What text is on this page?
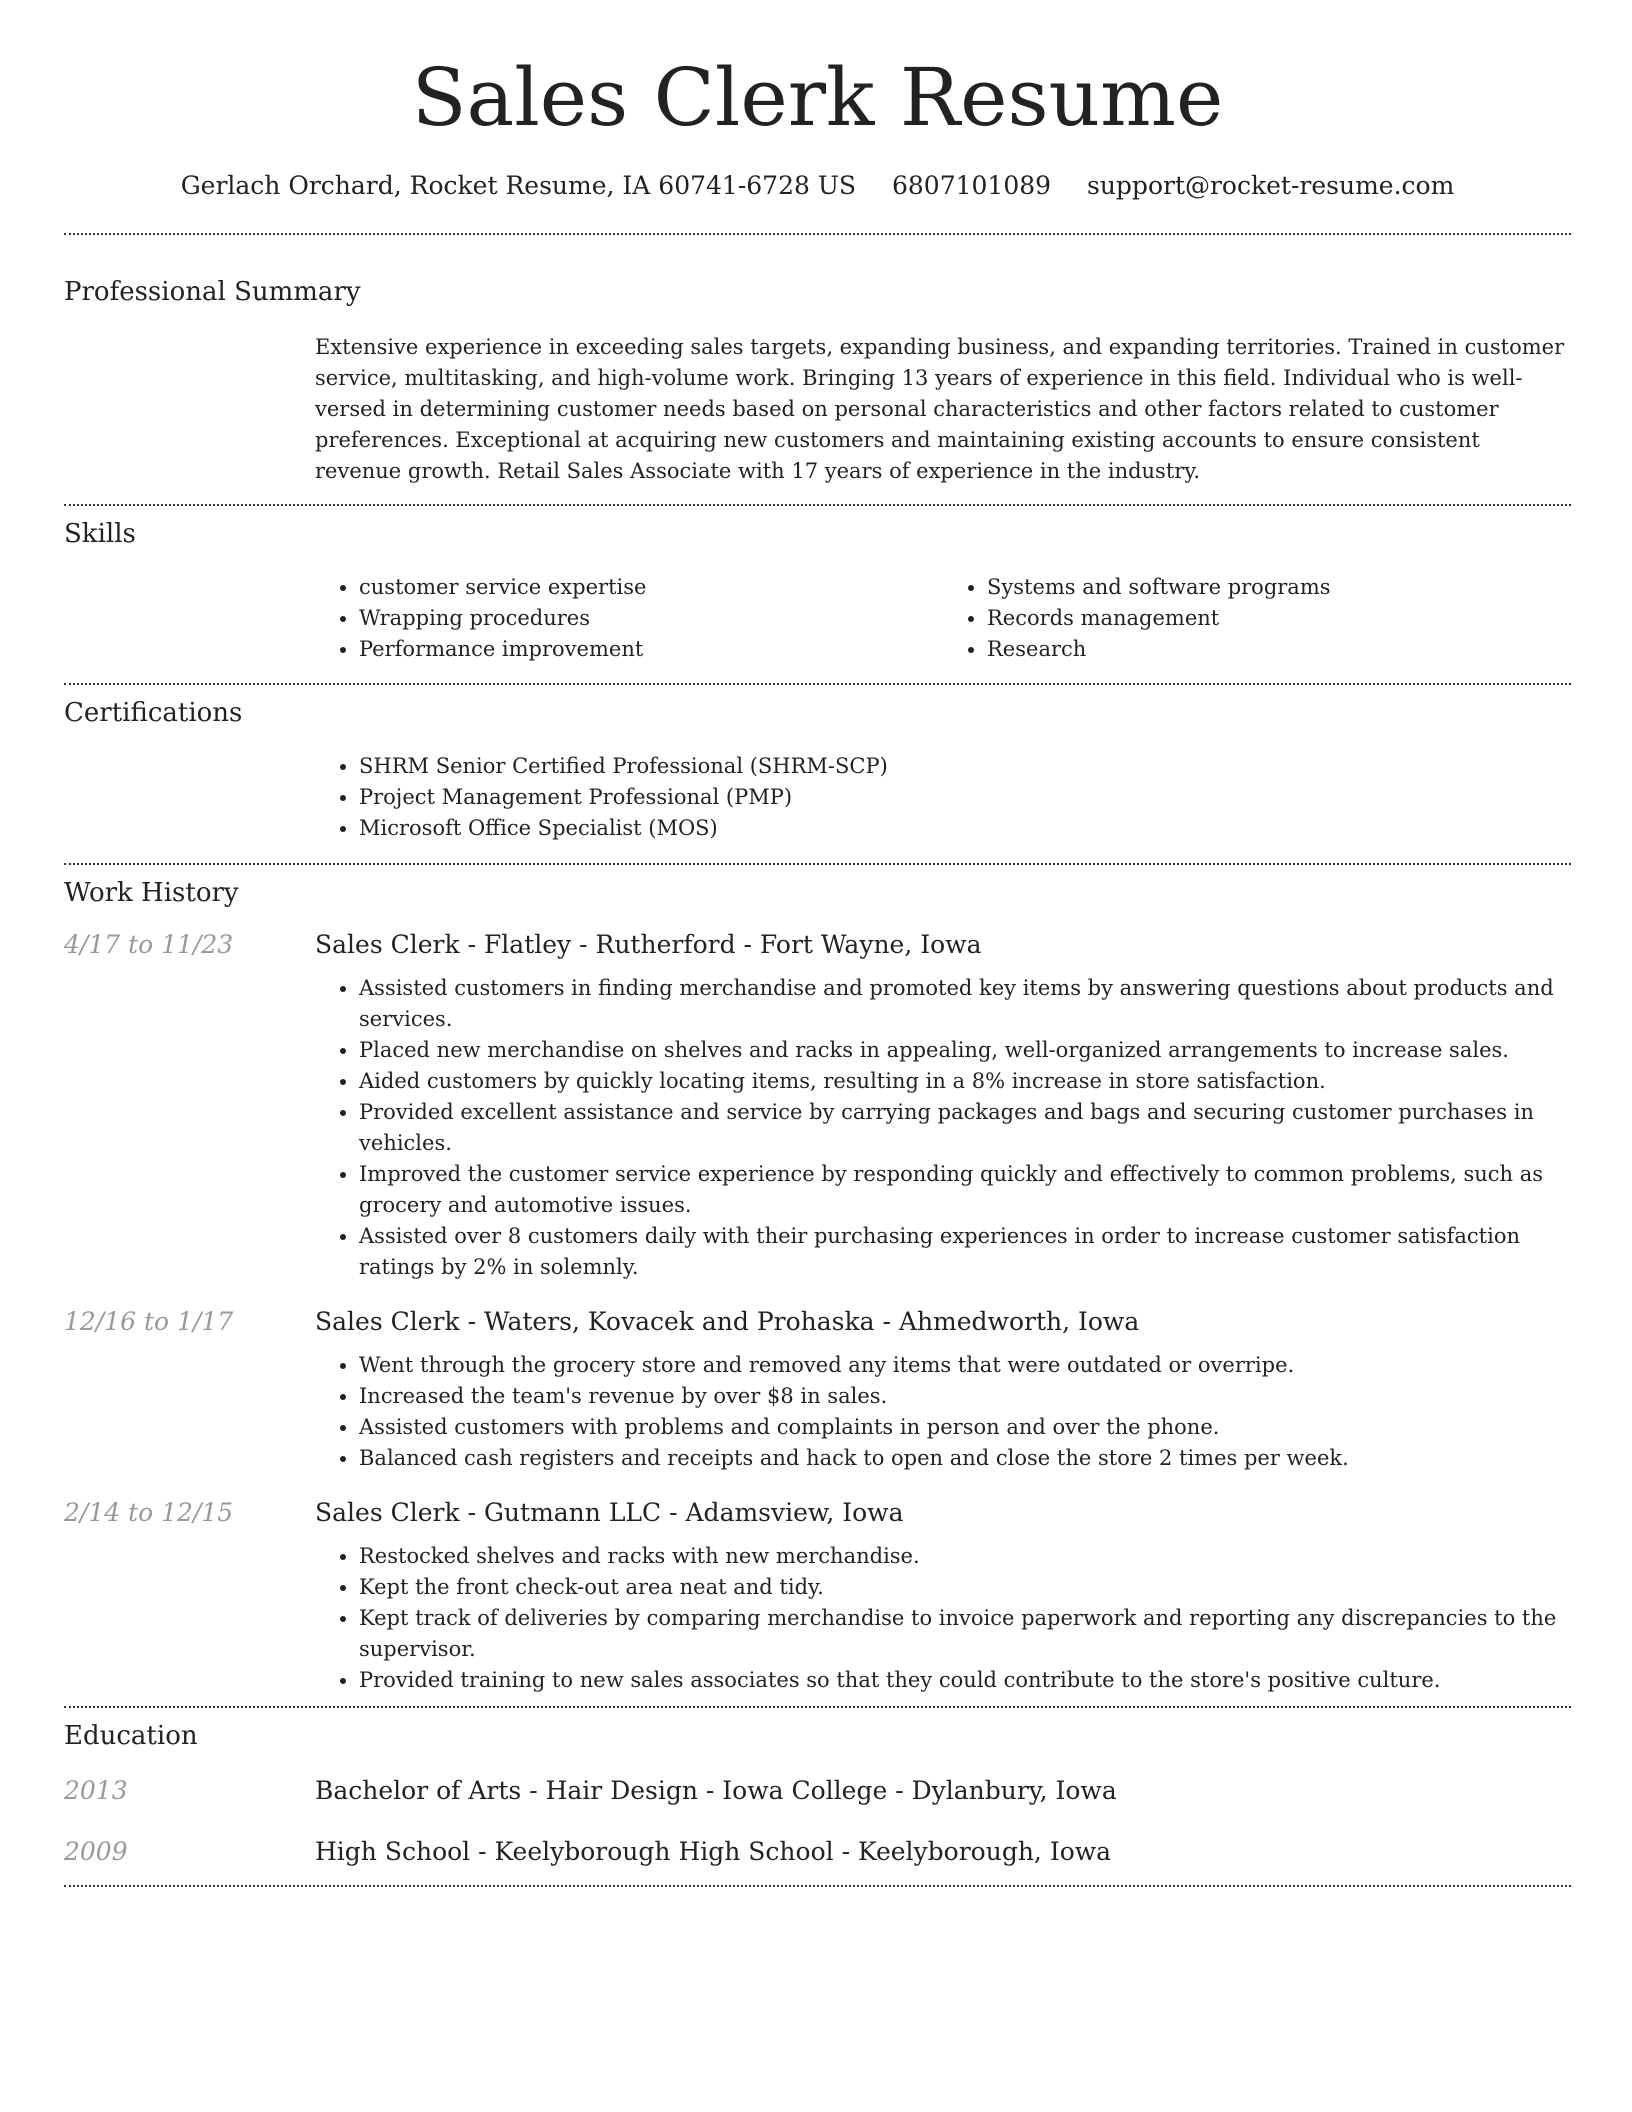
Sales Clerk Resume
Gerlach Orchard, Rocket Resume, IA 60741-6728 US 6807101089 support@rocket-resume.com
Professional Summary

Extensive experience in exceeding sales targets, expanding business, and expanding territories. Trained in customer service, multitasking, and high-volume work. Bringing 13 years of experience in this field. Individual who is well-versed in determining customer needs based on personal characteristics and other factors related to customer preferences. Exceptional at acquiring new customers and maintaining existing accounts to ensure consistent revenue growth. Retail Sales Associate with 17 years of experience in the industry.

Skills
• customer service expertise
• Wrapping procedures
• Performance improvement
• Systems and software programs
• Records management
• Research
Certifications
• SHRM Senior Certified Professional (SHRM-SCP)
• Project Management Professional (PMP)
• Microsoft Office Specialist (MOS)
Work History
4/17 to 11/23	Sales Clerk - Flatley - Rutherford - Fort Wayne, Iowa
• Assisted customers in finding merchandise and promoted key items by answering questions about products and services.
• Placed new merchandise on shelves and racks in appealing, well-organized arrangements to increase sales.
• Aided customers by quickly locating items, resulting in a 8% increase in store satisfaction.
• Provided excellent assistance and service by carrying packages and bags and securing customer purchases in vehicles.
• Improved the customer service experience by responding quickly and effectively to common problems, such as grocery and automotive issues.
• Assisted over 8 customers daily with their purchasing experiences in order to increase customer satisfaction ratings by 2% in solemnly.
12/16 to 1/17	Sales Clerk - Waters, Kovacek and Prohaska - Ahmedworth, Iowa
• Went through the grocery store and removed any items that were outdated or overripe.
• Increased the team's revenue by over $8 in sales.
• Assisted customers with problems and complaints in person and over the phone.
• Balanced cash registers and receipts and hack to open and close the store 2 times per week.
2/14 to 12/15	Sales Clerk - Gutmann LLC - Adamsview, Iowa
• Restocked shelves and racks with new merchandise.
• Kept the front check-out area neat and tidy.
• Kept track of deliveries by comparing merchandise to invoice paperwork and reporting any discrepancies to the supervisor.
• Provided training to new sales associates so that they could contribute to the store's positive culture.
Education
2013	Bachelor of Arts - Hair Design - Iowa College - Dylanbury, Iowa
2009	High School - Keelyborough High School - Keelyborough, Iowa
